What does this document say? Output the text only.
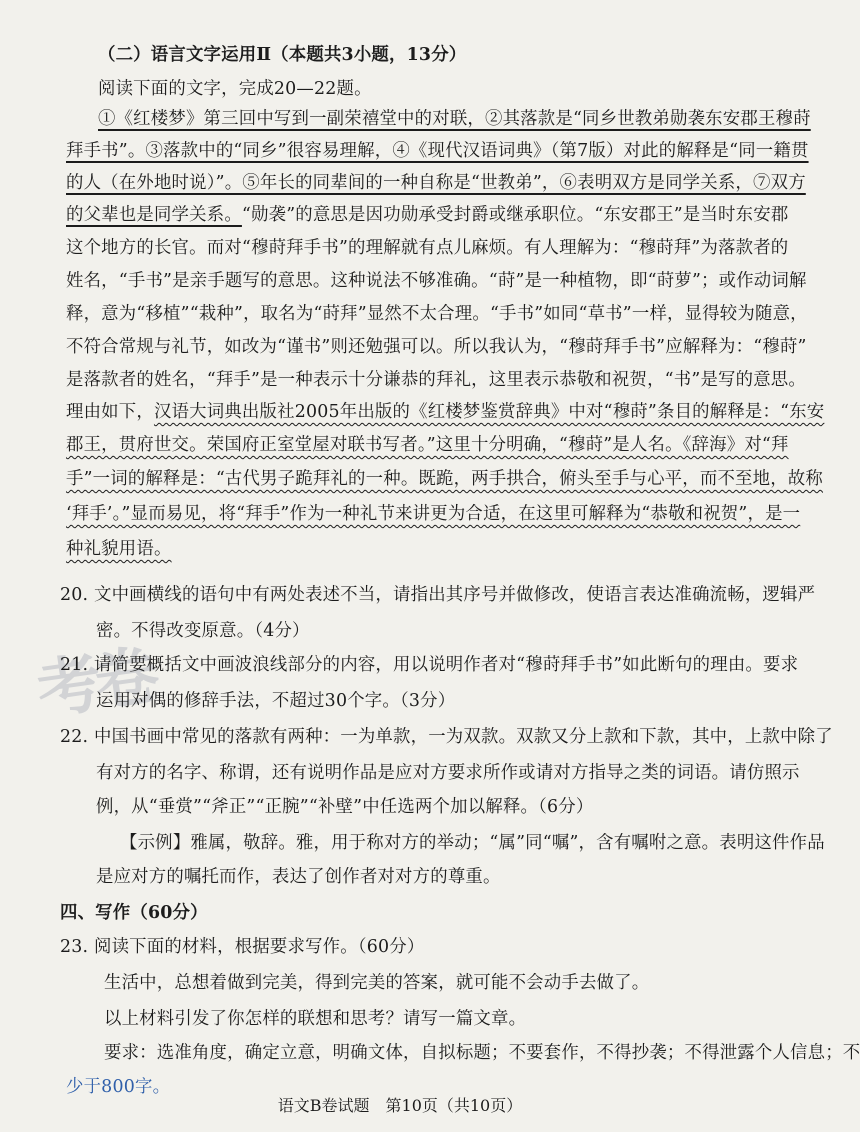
考卷
（二）语言文字运用Ⅱ（本题共3小题，13分）
阅读下面的文字，完成20—22题。
①《红楼梦》第三回中写到一副荣禧堂中的对联，②其落款是“同乡世教弟勋袭东安郡王穆莳
拜手书”。③落款中的“同乡”很容易理解，④《现代汉语词典》（第7版）对此的解释是“同一籍贯
的人（在外地时说）”。⑤年长的同辈间的一种自称是“世教弟”，⑥表明双方是同学关系，⑦双方
的父辈也是同学关系。“勋袭”的意思是因功勋承受封爵或继承职位。“东安郡王”是当时东安郡
这个地方的长官。而对“穆莳拜手书”的理解就有点儿麻烦。有人理解为：“穆莳拜”为落款者的
姓名，“手书”是亲手题写的意思。这种说法不够准确。“莳”是一种植物，即“莳萝”；或作动词解
释，意为“移植”“栽种”，取名为“莳拜”显然不太合理。“手书”如同“草书”一样，显得较为随意，
不符合常规与礼节，如改为“谨书”则还勉强可以。所以我认为，“穆莳拜手书”应解释为：“穆莳”
是落款者的姓名，“拜手”是一种表示十分谦恭的拜礼，这里表示恭敬和祝贺，“书”是写的意思。
理由如下，汉语大词典出版社2005年出版的《红楼梦鉴赏辞典》中对“穆莳”条目的解释是：“东安
郡王，贯府世交。荣国府正室堂屋对联书写者。”这里十分明确，“穆莳”是人名。《辞海》对“拜
手”一词的解释是：“古代男子跪拜礼的一种。既跪，两手拱合，俯头至手与心平，而不至地，故称
‘拜手’。”显而易见，将“拜手”作为一种礼节来讲更为合适，在这里可解释为“恭敬和祝贺”，是一
种礼貌用语。
20. 文中画横线的语句中有两处表述不当，请指出其序号并做修改，使语言表达准确流畅，逻辑严
密。不得改变原意。（4分）
21. 请简要概括文中画波浪线部分的内容，用以说明作者对“穆莳拜手书”如此断句的理由。要求
运用对偶的修辞手法，不超过30个字。（3分）
22. 中国书画中常见的落款有两种：一为单款，一为双款。双款又分上款和下款，其中，上款中除了
有对方的名字、称谓，还有说明作品是应对方要求所作或请对方指导之类的词语。请仿照示
例，从“垂赏”“斧正”“正腕”“补壁”中任选两个加以解释。（6分）
【示例】雅属，敬辞。雅，用于称对方的举动；“属”同“嘱”，含有嘱咐之意。表明这件作品
是应对方的嘱托而作，表达了创作者对对方的尊重。
四、写作（60分）
23. 阅读下面的材料，根据要求写作。（60分）
生活中，总想着做到完美，得到完美的答案，就可能不会动手去做了。
以上材料引发了你怎样的联想和思考？请写一篇文章。
要求：选准角度，确定立意，明确文体，自拟标题；不要套作，不得抄袭；不得泄露个人信息；不
少于800字。
语文B卷试题　第10页（共10页）
